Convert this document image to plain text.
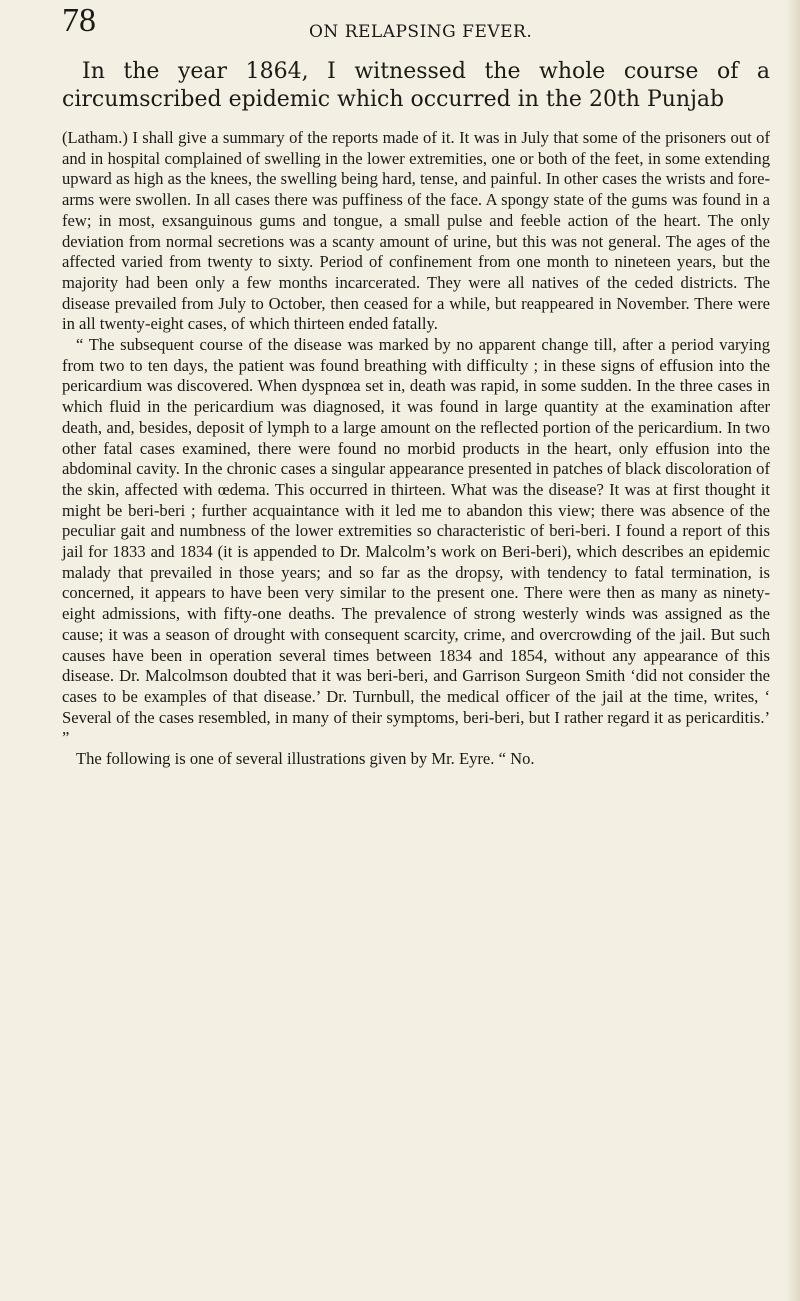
78	ON RELAPSING FEVER.

In the year 1864, I witnessed the whole course of a circumscribed epidemic which occurred in the 20th Punjab

(Latham.) I shall give a summary of the reports made of it. It was in July that some of the prisoners out of and in hospital complained of swelling in the lower extremities, one or both of the feet, in some extending upward as high as the knees, the swelling being hard, tense, and painful. In other cases the wrists and fore-arms were swollen. In all cases there was puffiness of the face. A spongy state of the gums was found in a few; in most, exsanguinous gums and tongue, a small pulse and feeble action of the heart. The only deviation from normal secretions was a scanty amount of urine, but this was not general. The ages of the affected varied from twenty to sixty. Period of confinement from one month to nineteen years, but the majority had been only a few months incarcerated. They were all natives of the ceded districts. The disease prevailed from July to October, then ceased for a while, but reappeared in November. There were in all twenty-eight cases, of which thirteen ended fatally.

“ The subsequent course of the disease was marked by no apparent change till, after a period varying from two to ten days, the patient was found breathing with difficulty ; in these signs of effusion into the pericardium was discovered. When dyspnœa set in, death was rapid, in some sudden. In the three cases in which fluid in the pericardium was diagnosed, it was found in large quantity at the examination after death, and, besides, deposit of lymph to a large amount on the reflected portion of the pericardium. In two other fatal cases examined, there were found no morbid products in the heart, only effusion into the abdominal cavity. In the chronic cases a singular appearance presented in patches of black discoloration of the skin, affected with œdema. This occurred in thirteen. What was the disease? It was at first thought it might be beri-beri ; further acquaintance with it led me to abandon this view; there was absence of the peculiar gait and numbness of the lower extremities so characteristic of beri-beri. I found a report of this jail for 1833 and 1834 (it is appended to Dr. Malcolm’s work on Beri-beri), which describes an epidemic malady that prevailed in those years; and so far as the dropsy, with tendency to fatal termination, is concerned, it appears to have been very similar to the present one. There were then as many as ninety-eight admissions, with fifty-one deaths. The prevalence of strong westerly winds was assigned as the cause; it was a season of drought with consequent scarcity, crime, and overcrowding of the jail. But such causes have been in operation several times between 1834 and 1854, without any appearance of this disease. Dr. Malcolmson doubted that it was beri-beri, and Garrison Surgeon Smith ‘did not consider the cases to be examples of that disease.’ Dr. Turnbull, the medical officer of the jail at the time, writes, ‘ Several of the cases resembled, in many of their symptoms, beri-beri, but I rather regard it as pericarditis.’ ”

The following is one of several illustrations given by Mr. Eyre. “ No.
